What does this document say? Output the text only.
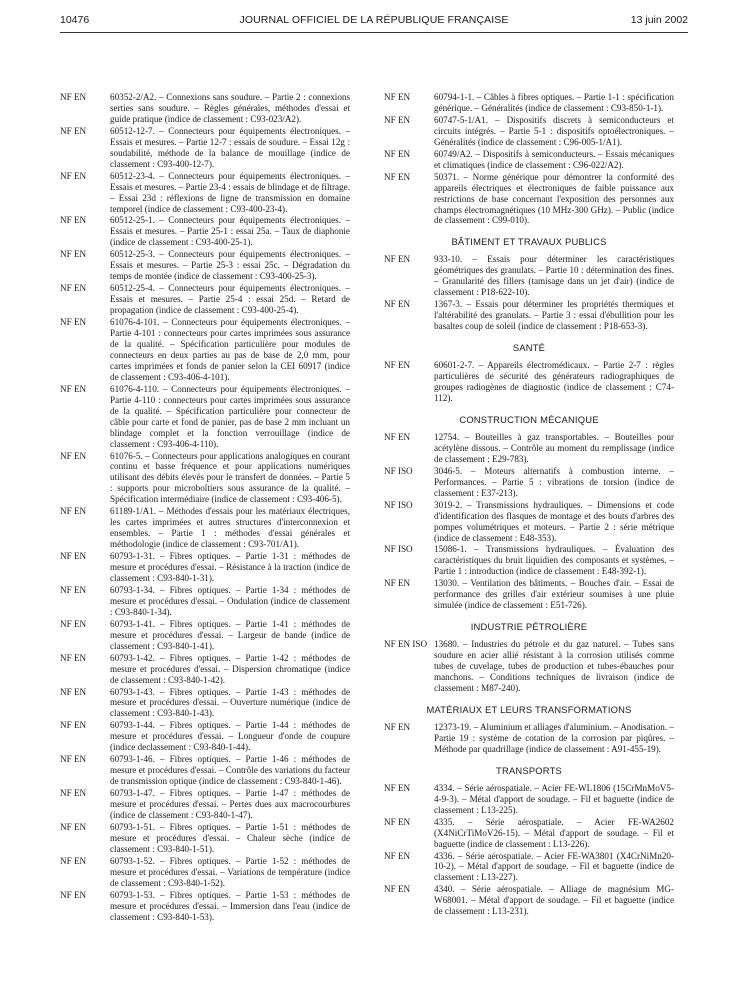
10476	JOURNAL OFFICIEL DE LA RÉPUBLIQUE FRANÇAISE	13 juin 2002

NF EN	60352-2/A2. – Connexions sans soudure. – Partie 2 : connexions serties sans soudure. – Règles générales, méthodes d'essai et guide pratique (indice de classement : C93-023/A2).

NF EN	60512-12-7. – Connecteurs pour équipements électroniques. – Essais et mesures. – Partie 12-7 : essais de soudure. – Essai 12g : soudabilité, méthode de la balance de mouillage (indice de classement : C93-400-12-7).

NF EN	60512-23-4. – Connecteurs pour équipements électroniques. – Essais et mesures. – Partie 23-4 : essais de blindage et de filtrage. – Essai 23d : réflexions de ligne de transmission en domaine temporel (indice de classement : C93-400-23-4).

NF EN	60512-25-1. – Connecteurs pour équipements électroniques. – Essais et mesures. – Partie 25-1 : essai 25a. – Taux de diaphonie (indice de classement : C93-400-25-1).

NF EN	60512-25-3. – Connecteurs pour équipements électroniques. – Essais et mesures. – Partie 25-3 : essai 25c. – Dégradation du temps de montée (indice de classement : C93-400-25-3).

NF EN	60512-25-4. – Connecteurs pour équipements électroniques. – Essais et mesures. – Partie 25-4 : essai 25d. – Retard de propagation (indice de classement : C93-400-25-4).

NF EN	61076-4-101. – Connecteurs pour équipements électroniques. – Partie 4-101 : connecteurs pour cartes imprimées sous assurance de la qualité. – Spécification particulière pour modules de connecteurs en deux parties au pas de base de 2,0 mm, pour cartes imprimées et fonds de panier selon la CEI 60917 (indice de classement : C93-406-4-101).

NF EN	61076-4-110. – Connecteurs pour équipements électroniques. – Partie 4-110 : connecteurs pour cartes imprimées sous assurance de la qualité. – Spécification particulière pour connecteur de câble pour carte et fond de panier, pas de base 2 mm incluant un blindage complet et la fonction verrouillage (indice de classement : C93-406-4-110).

NF EN	61076-5. – Connecteurs pour applications analogiques en courant continu et basse fréquence et pour applications numériques utilisant des débits élevés pour le transfert de données. – Partie 5 : supports pour microboîtiers sous assurance de la qualité. – Spécification intermédiaire (indice de classement : C93-406-5).

NF EN	61189-1/A1. – Méthodes d'essais pour les matériaux électriques, les cartes imprimées et autres structures d'interconnexion et ensembles. – Partie 1 : méthodes d'essai générales et méthodologie (indice de classement : C93-701/A1).

NF EN	60793-1-31. – Fibres optiques. – Partie 1-31 : méthodes de mesure et procédures d'essai. – Résistance à la traction (indice de classement : C93-840-1-31).

NF EN	60793-1-34. – Fibres optiques. – Partie 1-34 : méthodes de mesure et procédures d'essai. – Ondulation (indice de classement : C93-840-1-34).

NF EN	60793-1-41. – Fibres optiques. – Partie 1-41 : méthodes de mesure et procédures d'essai. – Largeur de bande (indice de classement : C93-840-1-41).

NF EN	60793-1-42. – Fibres optiques. – Partie 1-42 : méthodes de mesure et procédures d'essai. – Dispersion chromatique (indice de classement : C93-840-1-42).

NF EN	60793-1-43. – Fibres optiques. – Partie 1-43 : méthodes de mesure et procédures d'essai. – Ouverture numérique (indice de classement : C93-840-1-43).

NF EN	60793-1-44. – Fibres optiques. – Partie 1-44 : méthodes de mesure et procédures d'essai. – Longueur d'onde de coupure (indice declassement : C93-840-1-44).

NF EN	60793-1-46. – Fibres optiques. – Partie 1-46 : méthodes de mesure et procédures d'essai. – Contrôle des variations du facteur de transmission optique (indice de classement : C93-840-1-46).

NF EN	60793-1-47. – Fibres optiques. – Partie 1-47 : méthodes de mesure et procédures d'essai. – Pertes dues aux macrocourbures (indice de classement : C93-840-1-47).

NF EN	60793-1-51. – Fibres optiques. – Partie 1-51 : méthodes de mesure et procédures d'essai. – Chaleur sèche (indice de classement : C93-840-1-51).

NF EN	60793-1-52. – Fibres optiques. – Partie 1-52 : méthodes de mesure et procédures d'essai. – Variations de température (indice de classement : C93-840-1-52).

NF EN	60793-1-53. – Fibres optiques. – Partie 1-53 : méthodes de mesure et procédures d'essai. – Immersion dans l'eau (indice de classement : C93-840-1-53).

NF EN	60794-1-1. – Câbles à fibres optiques. – Partie 1-1 : spécification générique. – Généralités (indice de classement : C93-850-1-1).

NF EN	60747-5-1/A1. – Dispositifs discrets à semiconducteurs et circuits intégrés. – Partie 5-1 : dispositifs optoélectroniques. – Généralités (indice de classement : C96-005-1/A1).

NF EN	60749/A2. – Dispositifs à semiconducteurs. – Essais mécaniques et climatiques (indice de classement : C96-022/A2).

NF EN	50371. – Norme générique pour démontrer la conformité des appareils électriques et électroniques de faible puissance aux restrictions de base concernant l'exposition des personnes aux champs électromagnétiques (10 MHz-300 GHz). – Public (indice de classement : C99-010).

BÂTIMENT ET TRAVAUX PUBLICS

NF EN	933-10. – Essais pour déterminer les caractéristiques géométriques des granulats. – Partie 10 : détermination des fines. – Granularité des fillers (tamisage dans un jet d'air) (indice de classement : P18-622-10).

NF EN	1367-3. – Essais pour déterminer les propriétés thermiques et l'altérabilité des granulats. – Partie 3 : essai d'ébullition pour les basaltes coup de soleil (indice de classement : P18-653-3).

SANTÉ

NF EN	60601-2-7. – Appareils électromédicaux. – Partie 2-7 : règles particulières de sécurité des générateurs radiographiques de groupes radiogènes de diagnostic (indice de classement : C74-112).

CONSTRUCTION MÉCANIQUE

NF EN	12754. – Bouteilles à gaz transportables. – Bouteilles pour acétylène dissous. – Contrôle au moment du remplissage (indice de classement : E29-783).

NF ISO 3046-5. – Moteurs alternatifs à combustion interne. – Performances. – Partie 5 : vibrations de torsion (indice de classement : E37-213).

NF ISO 3019-2. – Transmissions hydrauliques. – Dimensions et code d'identification des flasques de montage et des bouts d'arbres des pompes volumétriques et moteurs. – Partie 2 : série métrique (indice de classement : E48-353).

NF ISO 15086-1. – Transmissions hydrauliques. – Évaluation des caractéristiques du bruit liquidien des composants et systèmes. – Partie 1 : introduction (indice de classement : E48-392-1).

NF EN	13030. – Ventilation des bâtiments. – Bouches d'air. – Essai de performance des grilles d'air extérieur soumises à une pluie simulée (indice de classement : E51-726).

INDUSTRIE PÉTROLIÈRE

NF EN ISO 13680. – Industries du pétrole et du gaz naturel. – Tubes sans soudure en acier allié résistant à la corrosion utilisés comme tubes de cuvelage, tubes de production et tubes-ébauches pour manchons. – Conditions techniques de livraison (indice de classement : M87-240).

MATÉRIAUX ET LEURS TRANSFORMATIONS

NF EN	12373-19. – Aluminium et alliages d'aluminium. – Anodisation. – Partie 19 : système de cotation de la corrosion par piqûres. – Méthode par quadrillage (indice de classement : A91-455-19).

TRANSPORTS

NF EN	4334. – Série aérospatiale. – Acier FE-WL1806 (15CrMnMoV5-4-9-3). – Métal d'apport de soudage. – Fil et baguette (indice de classement : L13-225).

NF EN	4335. – Série aérospatiale. – Acier FE-WA2602 (X4NiCrTiMoV26-15). – Métal d'apport de soudage. – Fil et baguette (indice de classement : L13-226).

NF EN	4336. – Série aérospatiale. – Acier FE-WA3801 (X4CrNiMn20-10-2). – Métal d'apport de soudage. – Fil et baguette (indice de classement : L13-227).

NF EN	4340. – Série aérospatiale. – Alliage de magnésium MG-W68001. – Métal d'apport de soudage. – Fil et baguette (indice de classement : L13-231).
